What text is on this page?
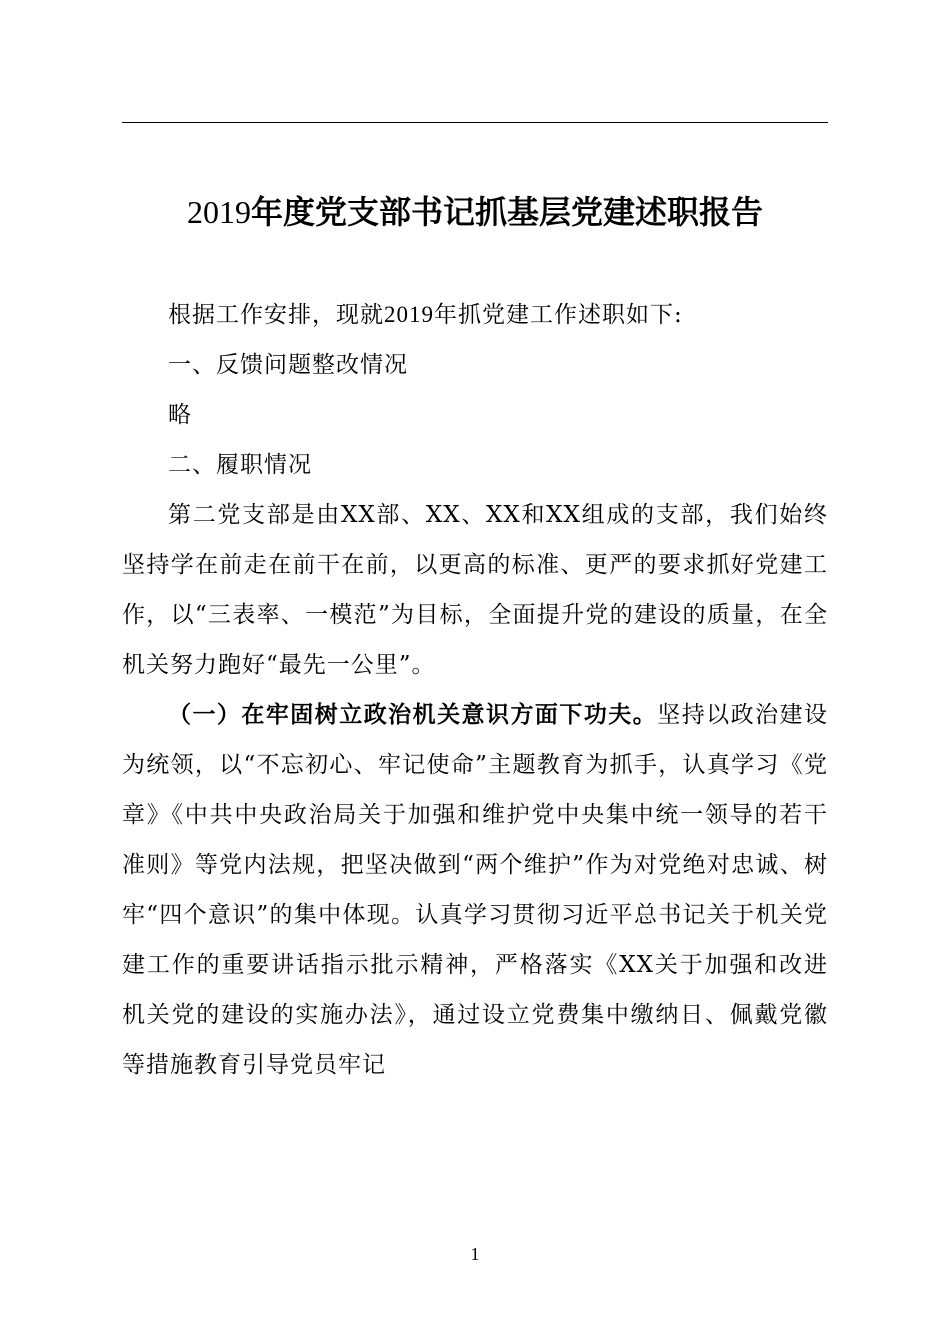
2019年度党支部书记抓基层党建述职报告

根据工作安排，现就2019年抓党建工作述职如下:

一、反馈问题整改情况

略

二、履职情况

第二党支部是由XX部、XX、XX和XX组成的支部，我们始终坚持学在前走在前干在前，以更高的标准、更严的要求抓好党建工作，以“三表率、一模范”为目标，全面提升党的建设的质量，在全机关努力跑好“最先一公里”。

（一）在牢固树立政治机关意识方面下功夫。坚持以政治建设为统领，以“不忘初心、牢记使命”主题教育为抓手，认真学习《党章》《中共中央政治局关于加强和维护党中央集中统一领导的若干准则》等党内法规，把坚决做到“两个维护”作为对党绝对忠诚、树牢“四个意识”的集中体现。认真学习贯彻习近平总书记关于机关党建工作的重要讲话指示批示精神，严格落实《XX关于加强和改进机关党的建设的实施办法》，通过设立党费集中缴纳日、佩戴党徽等措施教育引导党员牢记

1
